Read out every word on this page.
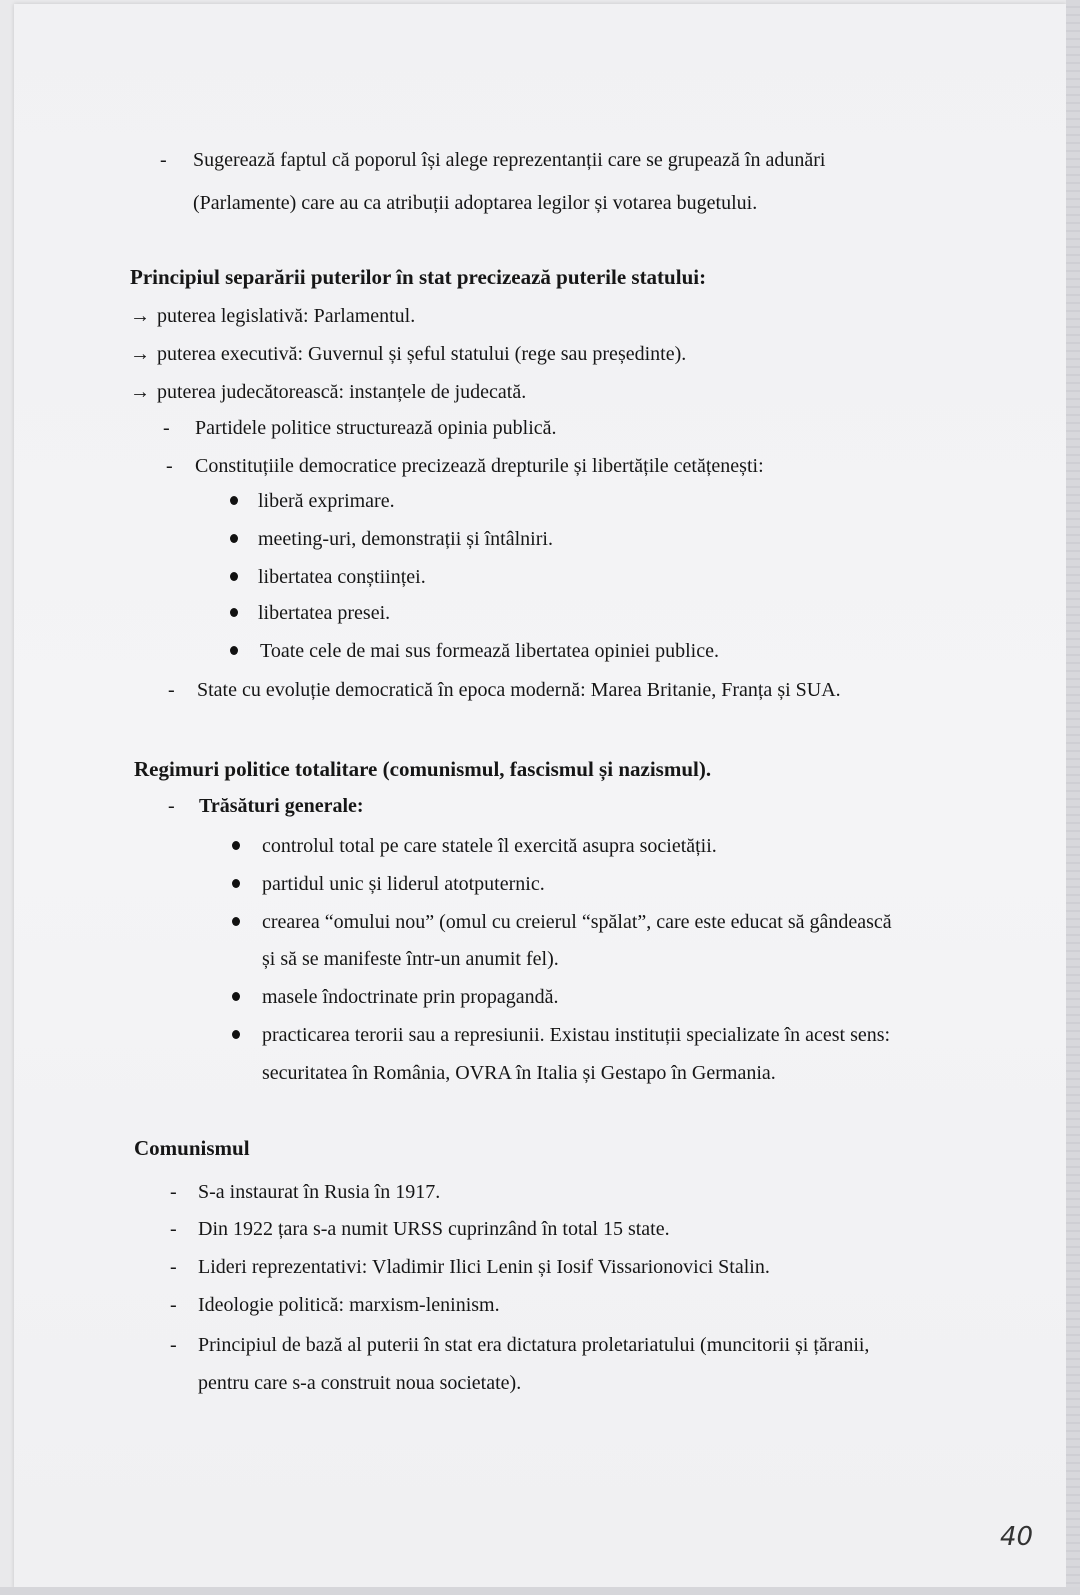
- Sugerează faptul că poporul își alege reprezentanții care se grupează în adunări
(Parlamente) care au ca atribuții adoptarea legilor și votarea bugetului.
Principiul separării puterilor în stat precizează puterile statului:
→ puterea legislativă: Parlamentul.
→ puterea executivă: Guvernul și șeful statului (rege sau președinte).
→ puterea judecătorească: instanțele de judecată.
- Partidele politice structurează opinia publică.
- Constituțiile democratice precizează drepturile și libertățile cetățenești:
liberă exprimare.
meeting-uri, demonstrații și întâlniri.
libertatea conștiinței.
libertatea presei.
Toate cele de mai sus formează libertatea opiniei publice.
- State cu evoluție democratică în epoca modernă: Marea Britanie, Franța și SUA.
Regimuri politice totalitare (comunismul, fascismul și nazismul).
- Trăsături generale:
controlul total pe care statele îl exercită asupra societății.
partidul unic și liderul atotputernic.
crearea “omului nou” (omul cu creierul “spălat”, care este educat să gândească
și să se manifeste într-un anumit fel).
masele îndoctrinate prin propagandă.
practicarea terorii sau a represiunii. Existau instituții specializate în acest sens:
securitatea în România, OVRA în Italia și Gestapo în Germania.
Comunismul
- S-a instaurat în Rusia în 1917.
- Din 1922 țara s-a numit URSS cuprinzând în total 15 state.
- Lideri reprezentativi: Vladimir Ilici Lenin și Iosif Vissarionovici Stalin.
- Ideologie politică: marxism-leninism.
- Principiul de bază al puterii în stat era dictatura proletariatului (muncitorii și țăranii,
pentru care s-a construit noua societate).
40
